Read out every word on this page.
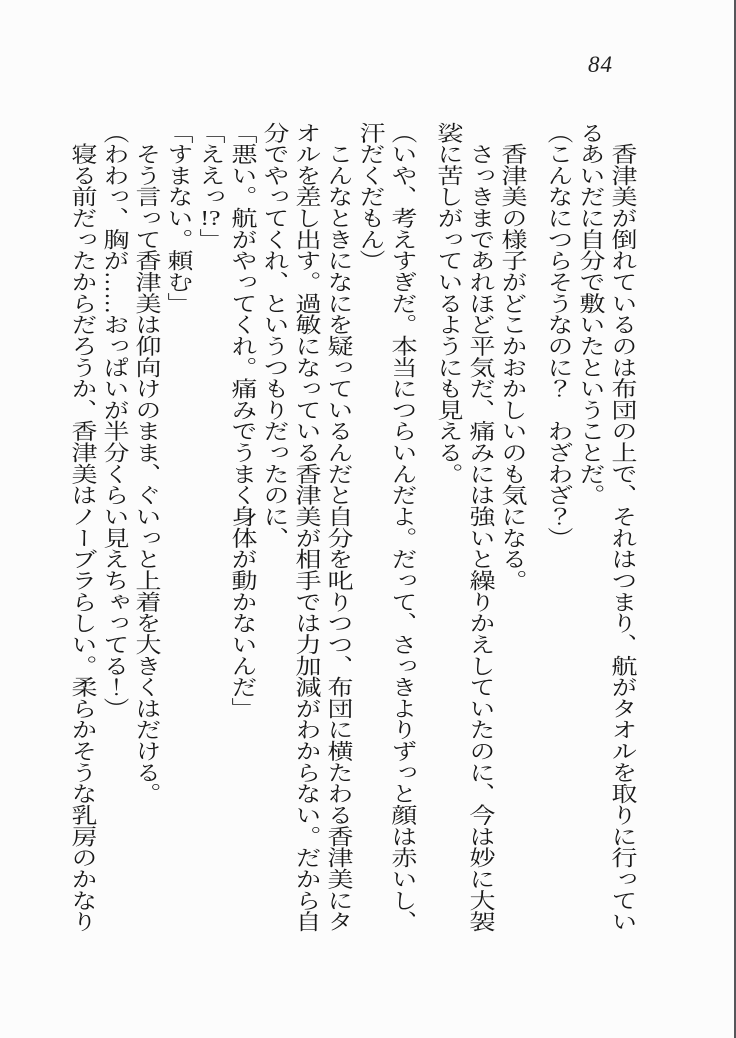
84

香津美が倒れているのは布団の上で、それはつまり、航がタオルを取りに行っているあいだに自分で敷いたということだ。

（こんなにつらそうなのに？　わざわざ？）

香津美の様子がどこかおかしいのも気になる。

さっきまであれほど平気だ、痛みには強いと繰りかえしていたのに、今は妙に大袈裟に苦しがっているようにも見える。

（いや、考えすぎだ。本当につらいんだよ。だって、さっきよりずっと顔は赤いし、汗だくだもん）

こんなときになにを疑っているんだと自分を叱りつつ、布団に横たわる香津美にタオルを差し出す。過敏になっている香津美が相手では力加減がわからない。だから自分でやってくれ、というつもりだったのに、

「悪い。航がやってくれ。痛みでうまく身体が動かないんだ」

「ええっ!?」

「すまない。頼む」

そう言って香津美は仰向けのまま、ぐいっと上着を大きくはだける。

（わわっ、胸が……おっぱいが半分くらい見えちゃってる！）

寝る前だったからだろうか、香津美はノーブラらしい。柔らかそうな乳房のかなり
